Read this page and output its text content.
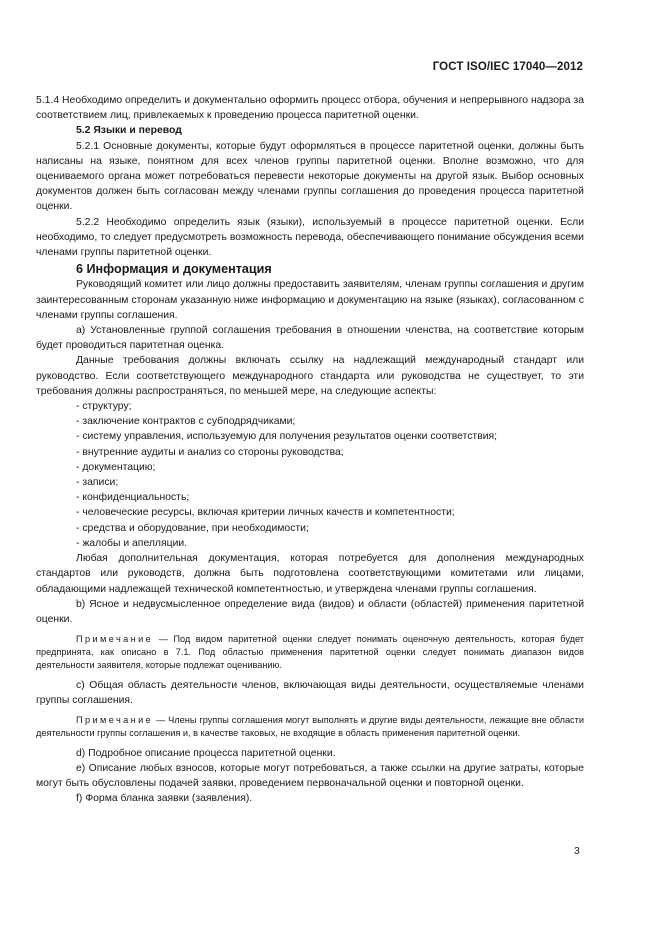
ГОСТ ISO/IEC 17040—2012

5.1.4 Необходимо определить и документально оформить процесс отбора, обучения и непрерывного надзора за соответствием лиц, привлекаемых к проведению процесса паритетной оценки.

5.2 Языки и перевод

5.2.1 Основные документы, которые будут оформляться в процессе паритетной оценки, должны быть написаны на языке, понятном для всех членов группы паритетной оценки. Вполне возможно, что для оцениваемого органа может потребоваться перевести некоторые документы на другой язык. Выбор основных документов должен быть согласован между членами группы соглашения до проведения процесса паритетной оценки.

5.2.2 Необходимо определить язык (языки), используемый в процессе паритетной оценки. Если необходимо, то следует предусмотреть возможность перевода, обеспечивающего понимание обсуждения всеми членами группы паритетной оценки.

6 Информация и документация

Руководящий комитет или лицо должны предоставить заявителям, членам группы соглашения и другим заинтересованным сторонам указанную ниже информацию и документацию на языке (языках), согласованном с членами группы соглашения.

a) Установленные группой соглашения требования в отношении членства, на соответствие которым будет проводиться паритетная оценка.

Данные требования должны включать ссылку на надлежащий международный стандарт или руководство. Если соответствующего международного стандарта или руководства не существует, то эти требования должны распространяться, по меньшей мере, на следующие аспекты:

- структуру;

- заключение контрактов с субподрядчиками;

- систему управления, используемую для получения результатов оценки соответствия;

- внутренние аудиты и анализ со стороны руководства;

- документацию;

- записи;

- конфиденциальность;

- человеческие ресурсы, включая критерии личных качеств и компетентности;

- средства и оборудование, при необходимости;

- жалобы и апелляции.

Любая дополнительная документация, которая потребуется для дополнения международных стандартов или руководств, должна быть подготовлена соответствующими комитетами или лицами, обладающими надлежащей технической компетентностью, и утверждена членами группы соглашения.

b) Ясное и недвусмысленное определение вида (видов) и области (областей) применения паритетной оценки.

Примечание — Под видом паритетной оценки следует понимать оценочную деятельность, которая будет предпринята, как описано в 7.1. Под областью применения паритетной оценки следует понимать диапазон видов деятельности заявителя, которые подлежат оцениванию.

c) Общая область деятельности членов, включающая виды деятельности, осуществляемые членами группы соглашения.

Примечание — Члены группы соглашения могут выполнять и другие виды деятельности, лежащие вне области деятельности группы соглашения и, в качестве таковых, не входящие в область применения паритетной оценки.

d) Подробное описание процесса паритетной оценки.

e) Описание любых взносов, которые могут потребоваться, а также ссылки на другие затраты, которые могут быть обусловлены подачей заявки, проведением первоначальной оценки и повторной оценки.

f) Форма бланка заявки (заявления).

3
